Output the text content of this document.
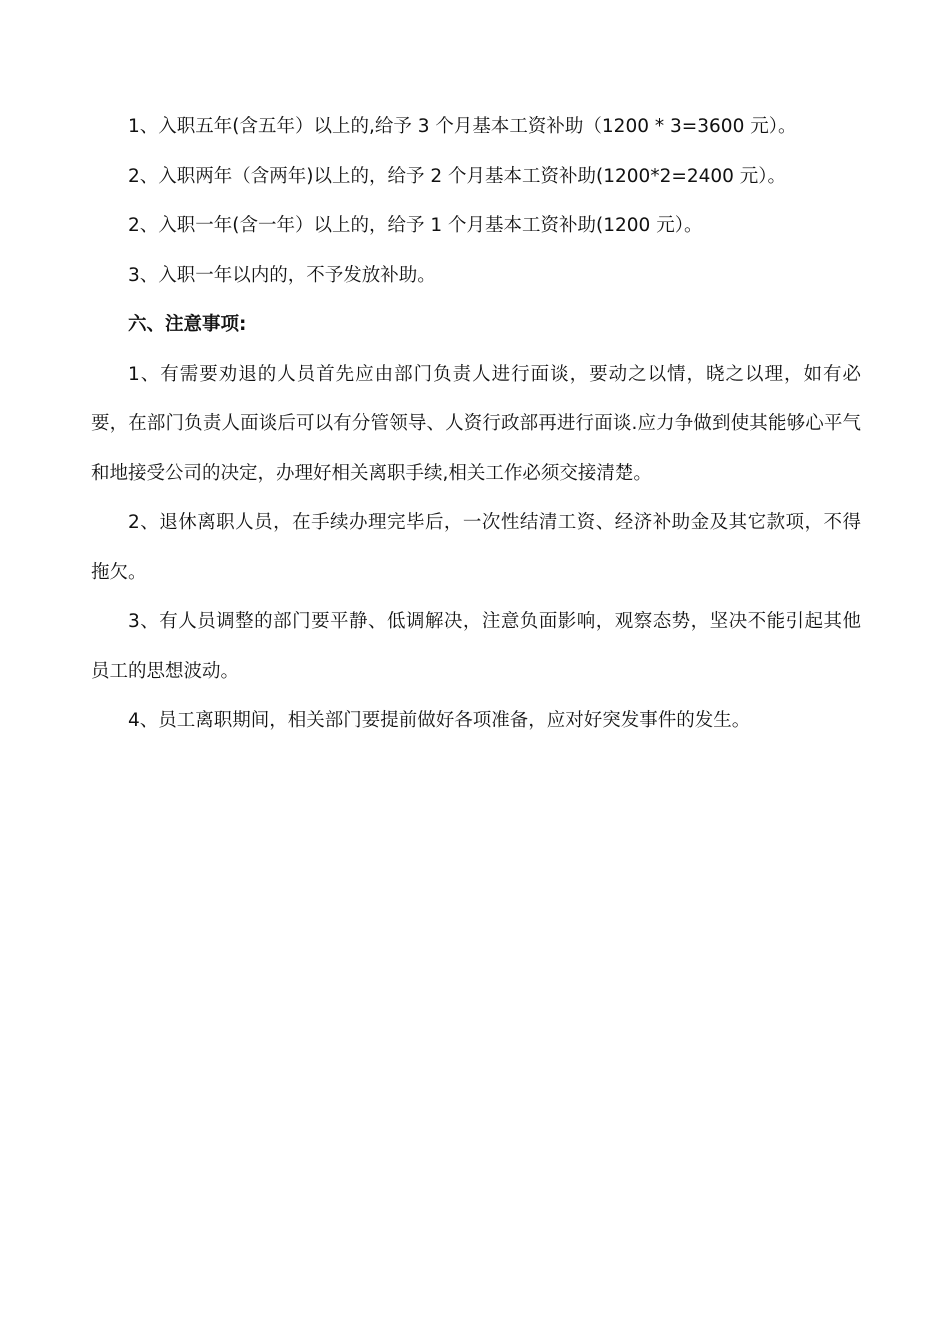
1、入职五年(含五年）以上的,给予 3 个月基本工资补助（1200 * 3=3600 元）。

2、入职两年（含两年)以上的，给予 2 个月基本工资补助(1200*2=2400 元）。

2、入职一年(含一年）以上的，给予 1 个月基本工资补助(1200 元）。

3、入职一年以内的，不予发放补助。

六、注意事项:

1、有需要劝退的人员首先应由部门负责人进行面谈，要动之以情，晓之以理，如有必要，在部门负责人面谈后可以有分管领导、人资行政部再进行面谈.应力争做到使其能够心平气和地接受公司的决定，办理好相关离职手续,相关工作必须交接清楚。

2、退休离职人员，在手续办理完毕后，一次性结清工资、经济补助金及其它款项，不得拖欠。

3、有人员调整的部门要平静、低调解决，注意负面影响，观察态势，坚决不能引起其他员工的思想波动。

4、员工离职期间，相关部门要提前做好各项准备，应对好突发事件的发生。
